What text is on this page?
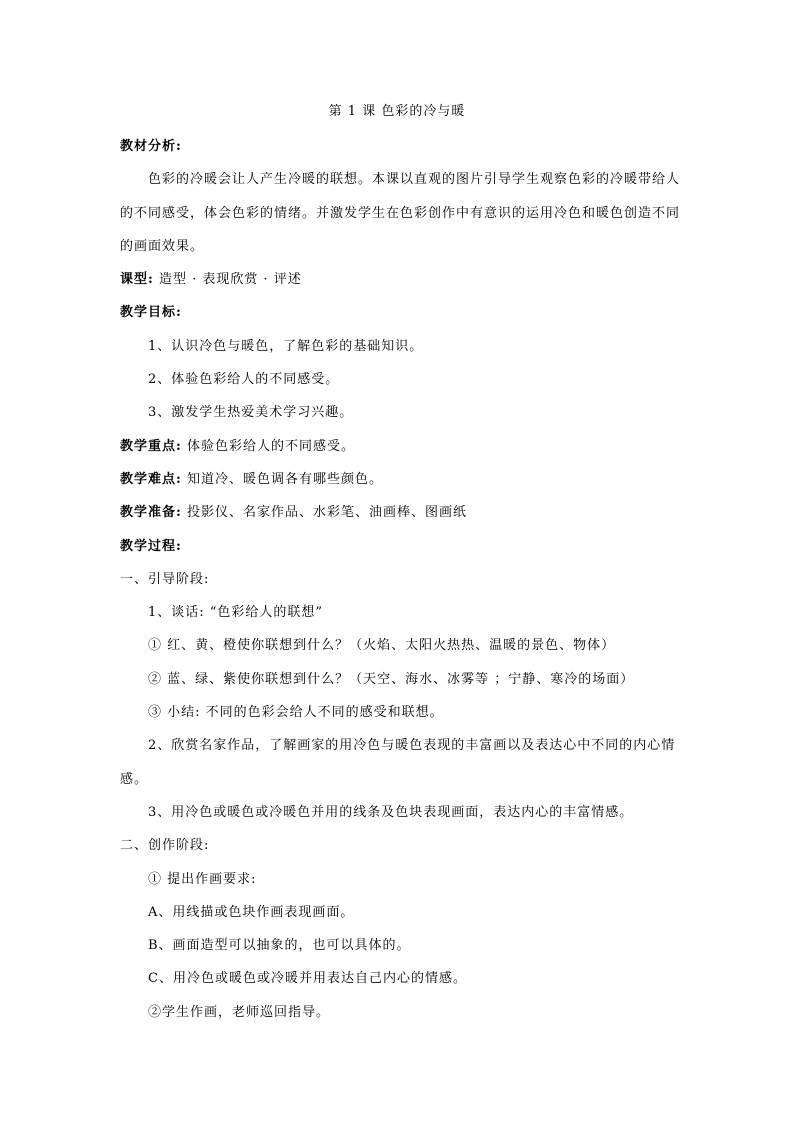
第 1 课 色彩的冷与暖
教材分析:
色彩的冷暖会让人产生冷暖的联想。本课以直观的图片引导学生观察色彩的冷暖带给人
的不同感受，体会色彩的情绪。并激发学生在色彩创作中有意识的运用冷色和暖色创造不同
的画面效果。
课型: 造型 · 表现欣赏 · 评述
教学目标:
1、认识冷色与暖色，了解色彩的基础知识。
2、体验色彩给人的不同感受。
3、激发学生热爱美术学习兴趣。
教学重点: 体验色彩给人的不同感受。
教学难点: 知道冷、暖色调各有哪些颜色。
教学准备: 投影仪、名家作品、水彩笔、油画棒、图画纸
教学过程:
一、引导阶段:
1、谈话: “色彩给人的联想”
① 红、黄、橙使你联想到什么？（火焰、太阳火热热、温暖的景色、物体）
② 蓝、绿、紫使你联想到什么？（天空、海水、冰雾等 ；宁静、寒冷的场面）
③ 小结: 不同的色彩会给人不同的感受和联想。
2、欣赏名家作品，了解画家的用冷色与暖色表现的丰富画以及表达心中不同的内心情
感。
3、用冷色或暖色或冷暖色并用的线条及色块表现画面，表达内心的丰富情感。
二、创作阶段:
① 提出作画要求:
A、用线描或色块作画表现画面。
B、画面造型可以抽象的，也可以具体的。
C、用冷色或暖色或冷暖并用表达自己内心的情感。
②学生作画，老师巡回指导。
